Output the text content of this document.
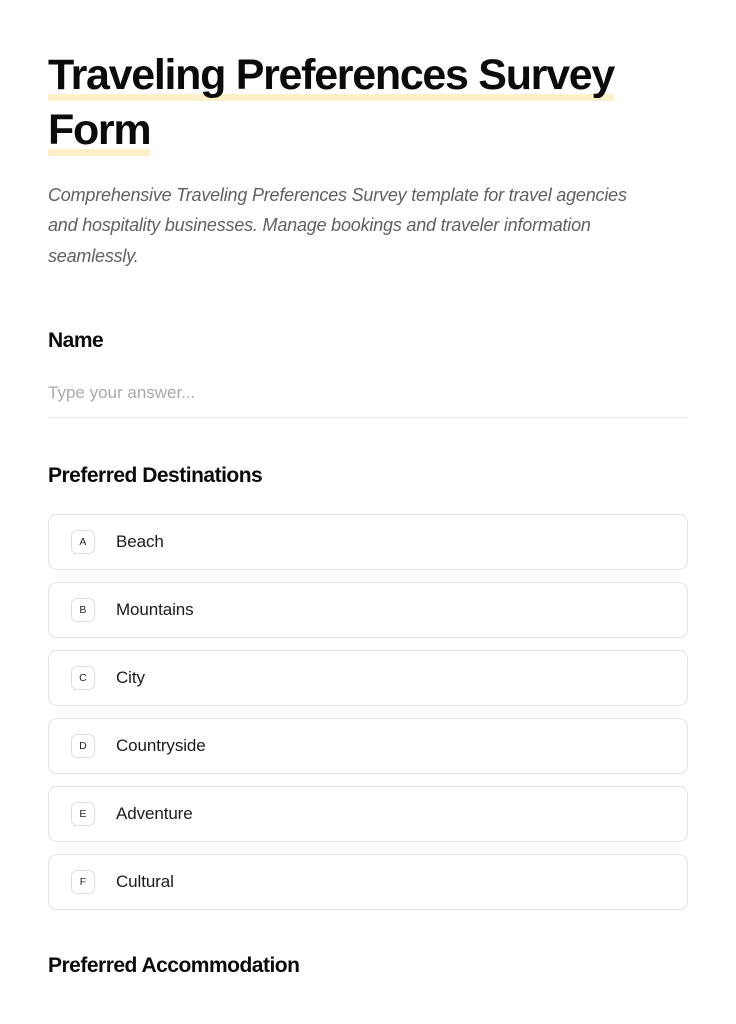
Traveling Preferences Survey Form

Comprehensive Traveling Preferences Survey template for travel agencies and hospitality businesses. Manage bookings and traveler information seamlessly.

Name
Type your answer...
Preferred Destinations
A	Beach
B	Mountains
C	City
D	Countryside
E	Adventure
F	Cultural
Preferred Accommodation
